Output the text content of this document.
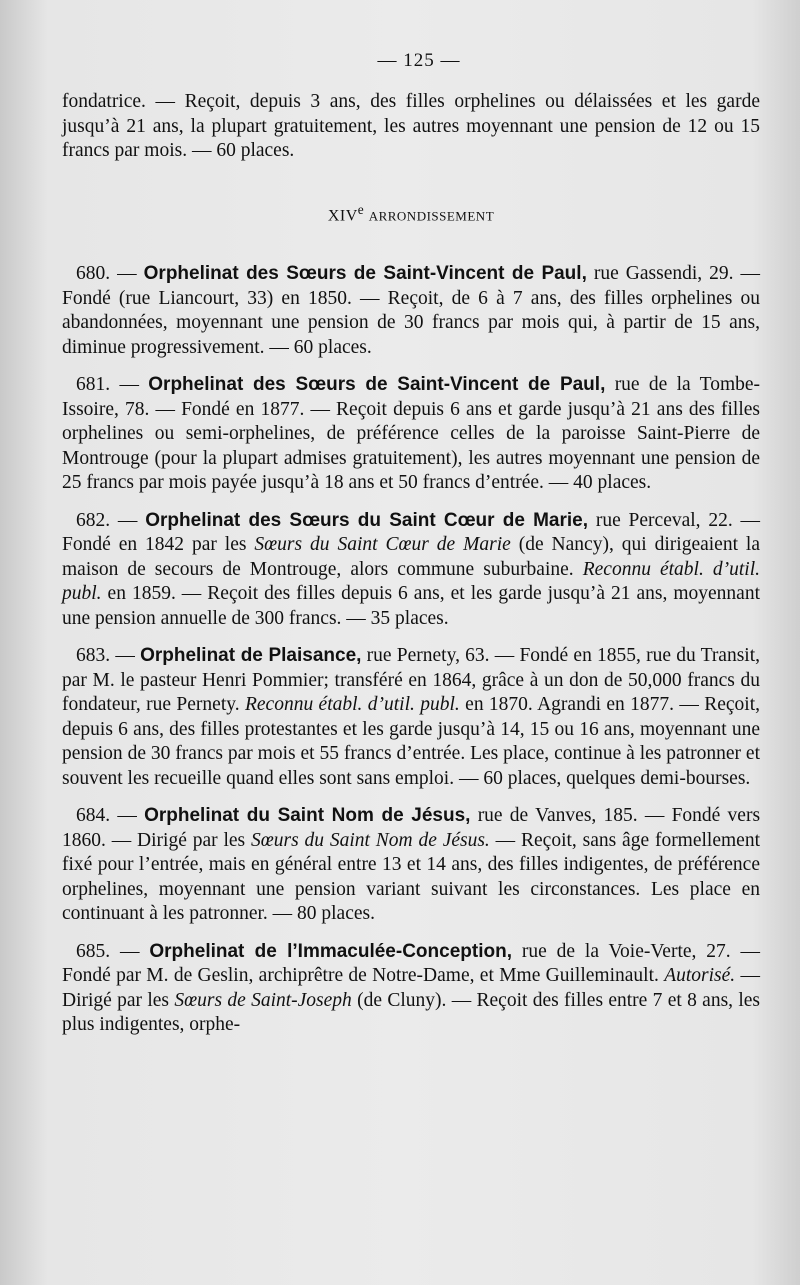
— 125 —

fondatrice. — Reçoit, depuis 3 ans, des filles orphelines ou délaissées et les garde jusqu’à 21 ans, la plupart gratuitement, les autres moyennant une pension de 12 ou 15 francs par mois. — 60 places.

XIVe ARRONDISSEMENT

680. — Orphelinat des Sœurs de Saint-Vincent de Paul, rue Gassendi, 29. — Fondé (rue Liancourt, 33) en 1850. — Reçoit, de 6 à 7 ans, des filles orphelines ou abandonnées, moyennant une pension de 30 francs par mois qui, à partir de 15 ans, diminue progressivement. — 60 places.

681. — Orphelinat des Sœurs de Saint-Vincent de Paul, rue de la Tombe-Issoire, 78. — Fondé en 1877. — Reçoit depuis 6 ans et garde jusqu’à 21 ans des filles orphelines ou semi-orphelines, de préférence celles de la paroisse Saint-Pierre de Montrouge (pour la plupart admises gratuitement), les autres moyennant une pension de 25 francs par mois payée jusqu’à 18 ans et 50 francs d’entrée. — 40 places.

682. — Orphelinat des Sœurs du Saint Cœur de Marie, rue Perceval, 22. — Fondé en 1842 par les Sœurs du Saint Cœur de Marie (de Nancy), qui dirigeaient la maison de secours de Montrouge, alors commune suburbaine. Reconnu établ. d’util. publ. en 1859. — Reçoit des filles depuis 6 ans, et les garde jusqu’à 21 ans, moyennant une pension annuelle de 300 francs. — 35 places.

683. — Orphelinat de Plaisance, rue Pernety, 63. — Fondé en 1855, rue du Transit, par M. le pasteur Henri Pommier; transféré en 1864, grâce à un don de 50,000 francs du fondateur, rue Pernety. Reconnu établ. d’util. publ. en 1870. Agrandi en 1877. — Reçoit, depuis 6 ans, des filles protestantes et les garde jusqu’à 14, 15 ou 16 ans, moyennant une pension de 30 francs par mois et 55 francs d’entrée. Les place, continue à les patronner et souvent les recueille quand elles sont sans emploi. — 60 places, quelques demi-bourses.

684. — Orphelinat du Saint Nom de Jésus, rue de Vanves, 185. — Fondé vers 1860. — Dirigé par les Sœurs du Saint Nom de Jésus. — Reçoit, sans âge formellement fixé pour l’entrée, mais en général entre 13 et 14 ans, des filles indigentes, de préférence orphelines, moyennant une pension variant suivant les circonstances. Les place en continuant à les patronner. — 80 places.

685. — Orphelinat de l’Immaculée-Conception, rue de la Voie-Verte, 27. — Fondé par M. de Geslin, archiprêtre de Notre-Dame, et Mme Guilleminault. Autorisé. — Dirigé par les Sœurs de Saint-Joseph (de Cluny). — Reçoit des filles entre 7 et 8 ans, les plus indigentes, orphe-
